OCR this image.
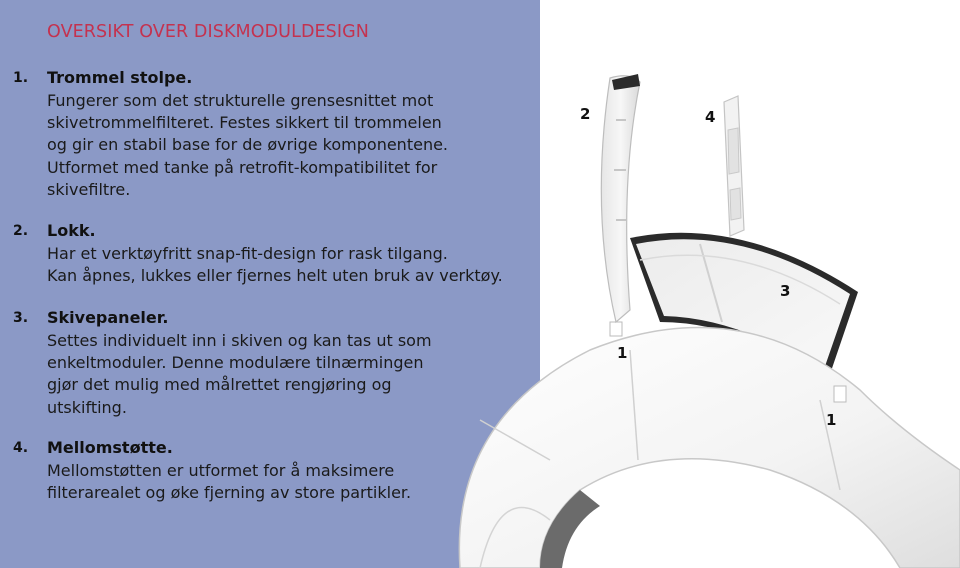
OVERSIKT OVER DISKMODULDESIGN
1. Trommel stolpe.
Fungerer som det strukturelle grensesnittet mot
skivetrommelfilteret. Festes sikkert til trommelen
og gir en stabil base for de øvrige komponentene.
Utformet med tanke på retrofit-kompatibilitet for
skivefiltre.
2. Lokk.
Har et verktøyfritt snap-fit-design for rask tilgang.
Kan åpnes, lukkes eller fjernes helt uten bruk av verktøy.
3. Skivepaneler.
Settes individuelt inn i skiven og kan tas ut som
enkeltmoduler. Denne modulære tilnærmingen
gjør det mulig med målrettet rengjøring og
utskifting.
4. Mellomstøtte.
Mellomstøtten er utformet for å maksimere
filterarealet og øke fjerning av store partikler.
2	4
3
1
1
